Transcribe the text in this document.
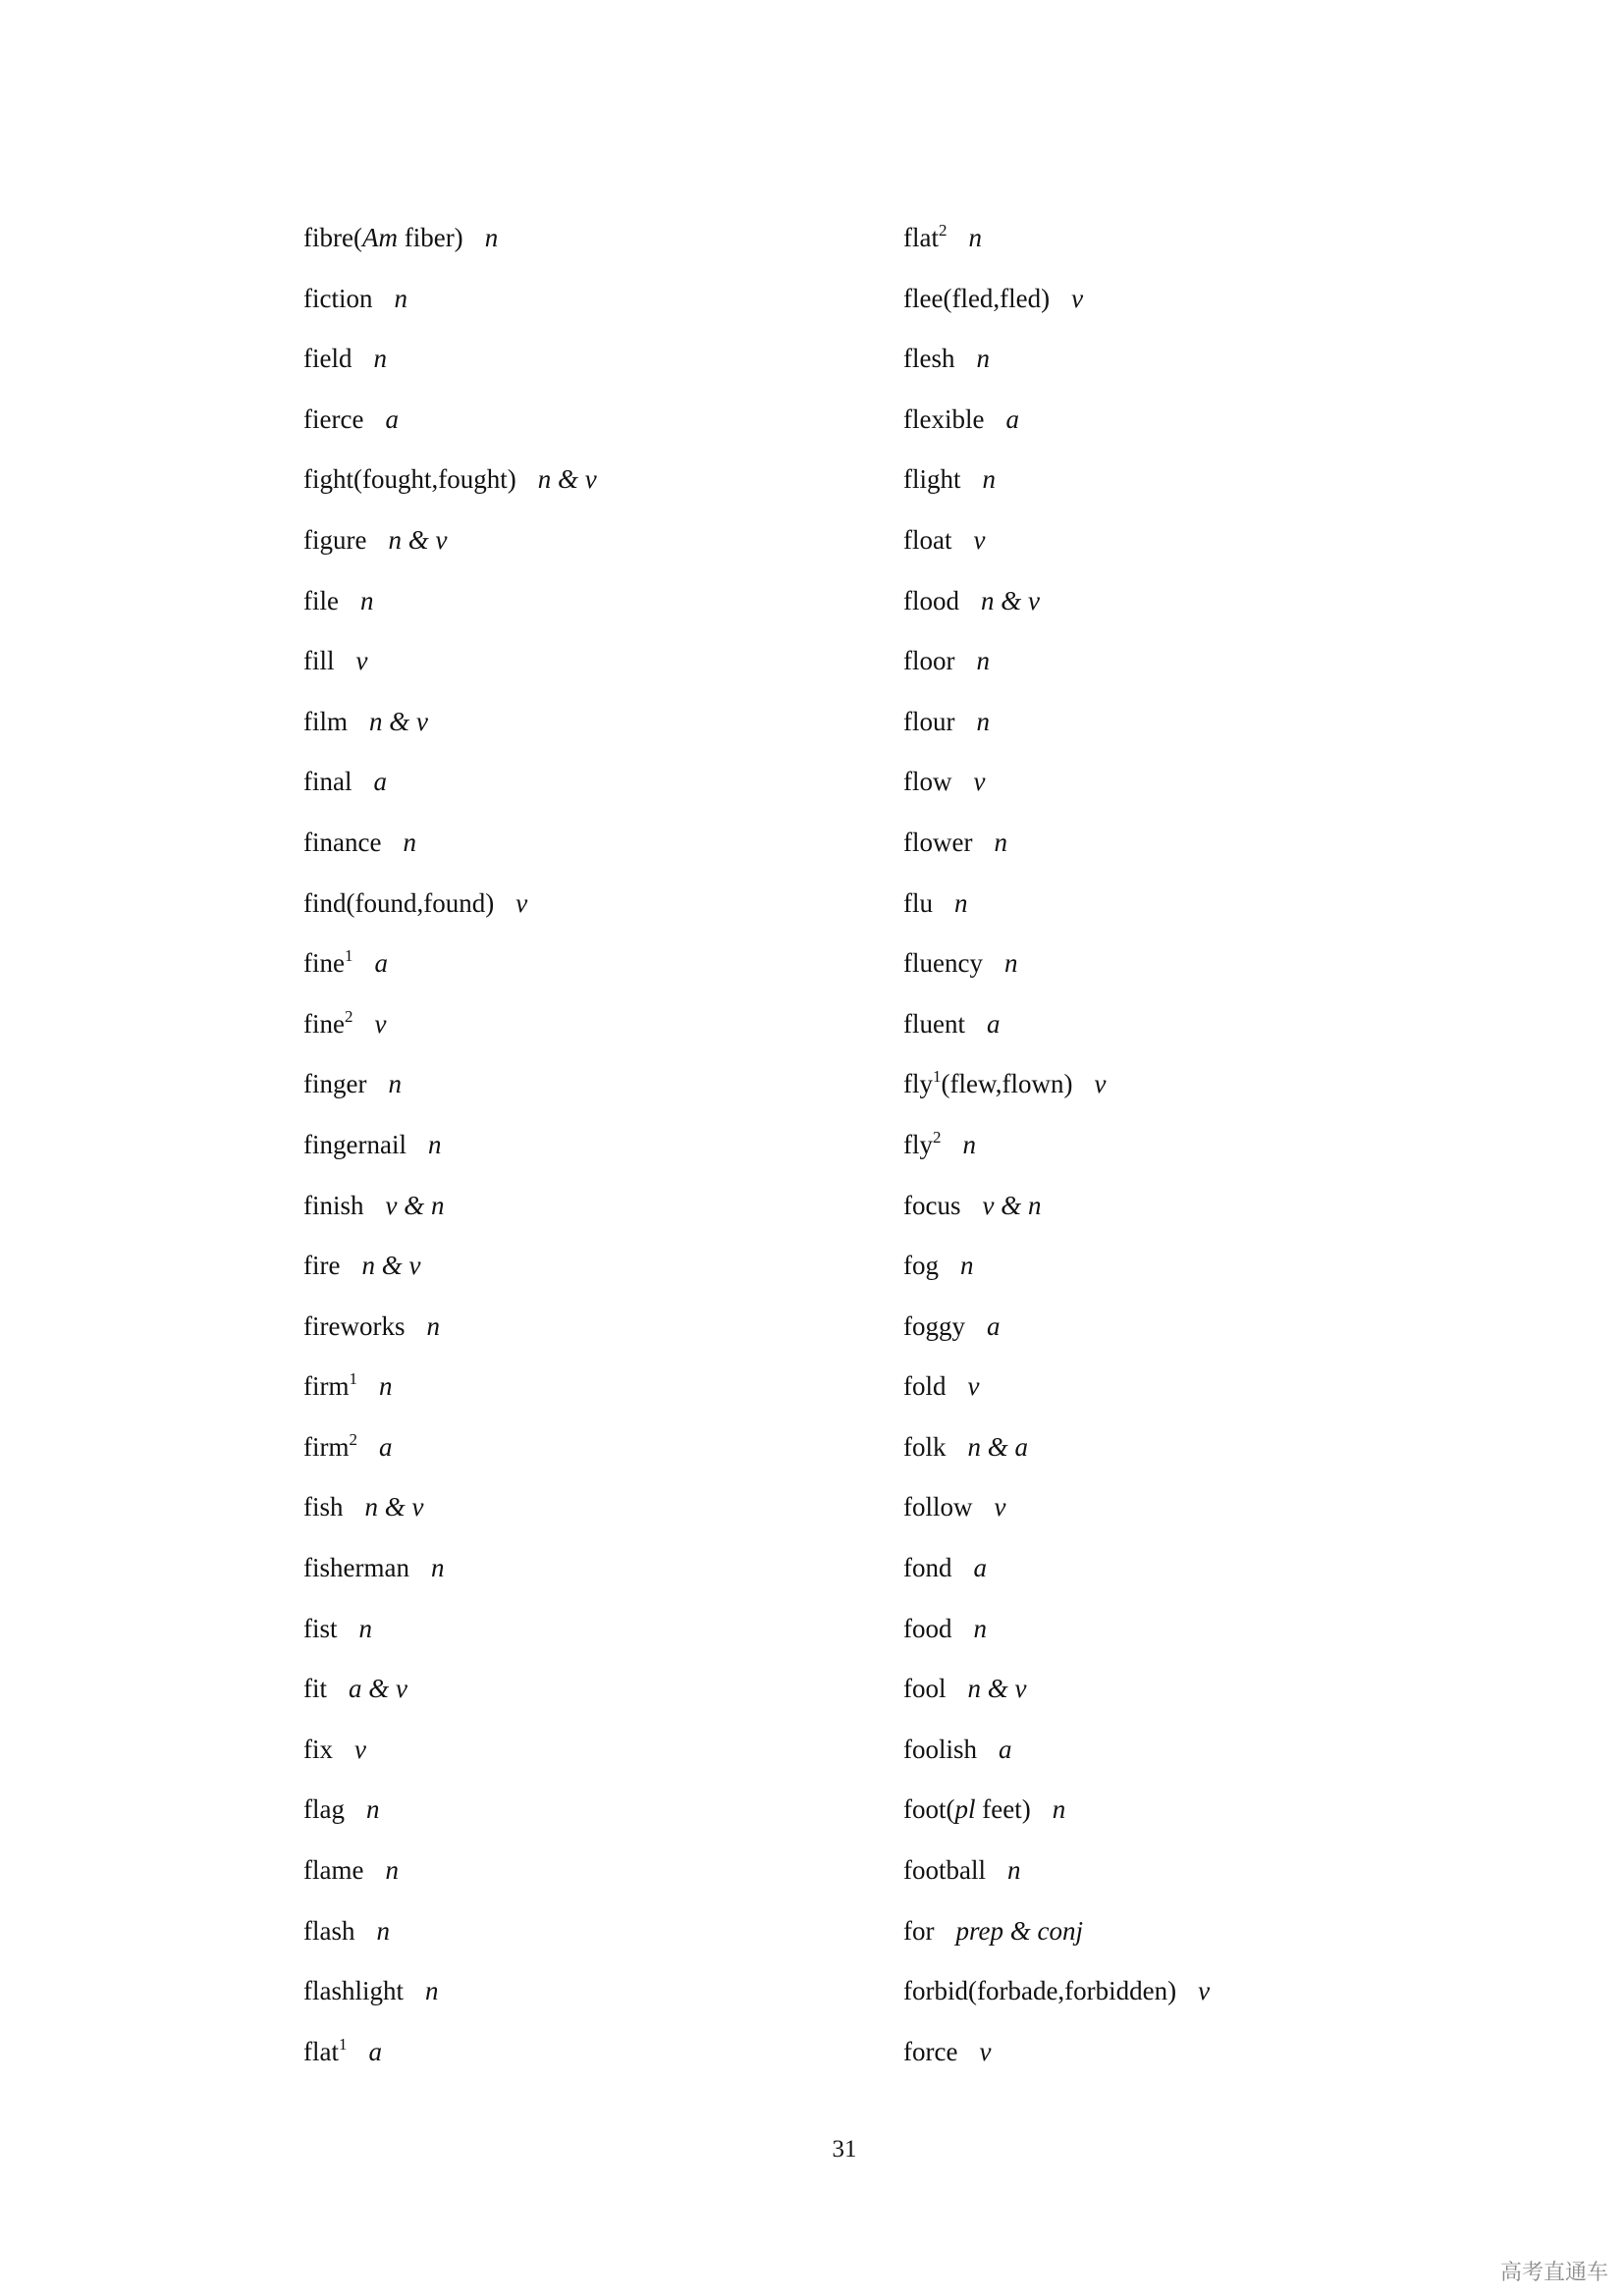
fibre(Am fiber) n
fiction n
field n
fierce a
fight(fought,fought) n & v
figure n & v
file n
fill v
film n & v
final a
finance n
find(found,found) v
fine$^1$ a
fine$^2$ v
finger n
fingernail n
finish v & n
fire n & v
fireworks n
firm$^1$ n
firm$^2$ a
fish n & v
fisherman n
fist n
fit a & v
fix v
flag n
flame n
flash n
flashlight n
flat$^1$ a
flat$^2$ n
flee(fled,fled) v
flesh n
flexible a
flight n
float v
flood n & v
floor n
flour n
flow v
flower n
flu n
fluency n
fluent a
fly$^1$(flew,flown) v
fly$^2$ n
focus v & n
fog n
foggy a
fold v
folk n & a
follow v
fond a
food n
fool n & v
foolish a
foot(pl feet) n
football n
for prep & conj
forbid(forbade,forbidden) v
force v
31
高考直通车
